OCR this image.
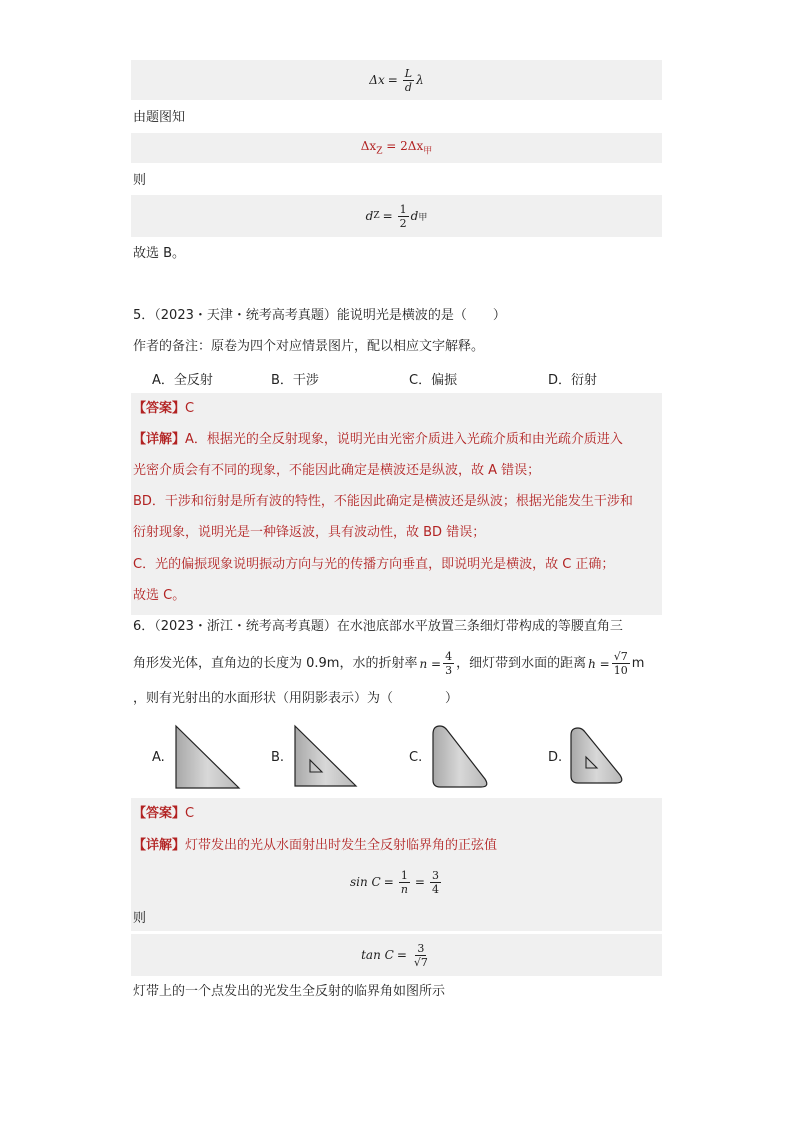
$\Delta x = \frac{L}{d}$ λ
由题图知
$\Delta x_Z = 2\Delta x_甲$
则
d $Z = \frac{1}{2}$ d 甲
故选 B。
5．（2023・天津・统考高考真题）能说明光是横波的是（　　）
作者的备注：原卷为四个对应情景图片，配以相应文字解释。
A．全反射	B．干涉	C．偏振	D．衍射
【答案】C
【详解】A．根据光的全反射现象，说明光由光密介质进入光疏介质和由光疏介质进入
光密介质会有不同的现象，不能因此确定是横波还是纵波，故 A 错误；
BD．干涉和衍射是所有波的特性，不能因此确定是横波还是纵波；根据光能发生干涉和
衍射现象，说明光是一种锋返波，具有波动性，故 BD 错误；
C．光的偏振现象说明振动方向与光的传播方向垂直，即说明光是横波，故 C 正确；
故选 C。
6．（2023・浙江・统考高考真题）在水池底部水平放置三条细灯带构成的等腰直角三
角形发光体，直角边的长度为 0.9m，水的折射率 $n = \frac{4}{3}$ ，细灯带到水面的距离 $h = \frac{√7}{10}$ m
，则有光射出的水面形状（用阴影表示）为（　　　　）
A.	B.	C.	D.
【答案】C
【详解】灯带发出的光从水面射出时发生全反射临界角的正弦值
$\sin C = \frac{1}{n} = \frac{3}{4}$
则
$\tan C = \frac{3}{√7}$
灯带上的一个点发出的光发生全反射的临界角如图所示
